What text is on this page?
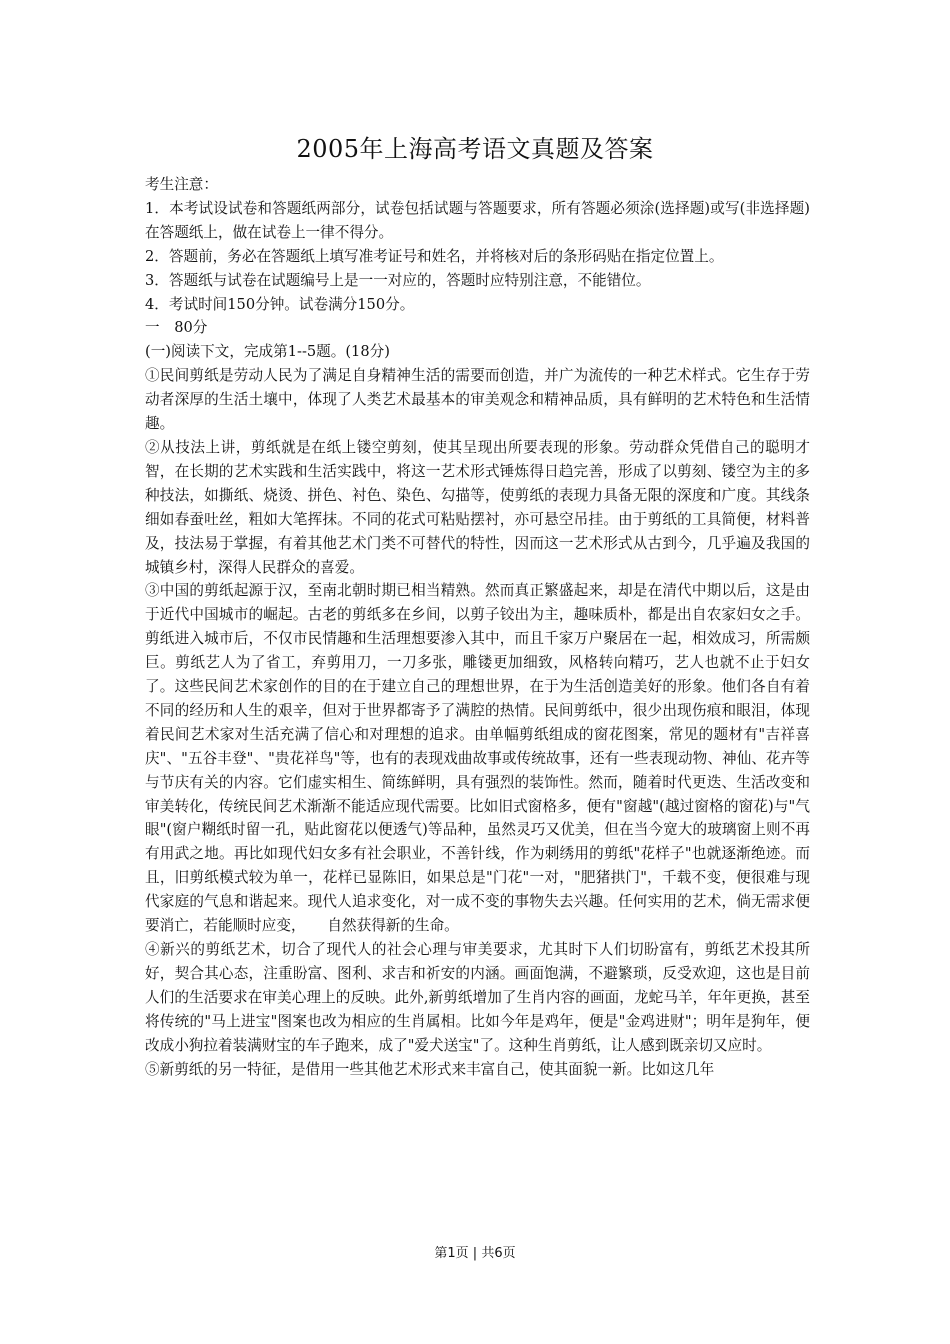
2005年上海高考语文真题及答案

考生注意：

1．本考试设试卷和答题纸两部分，试卷包括试题与答题要求，所有答题必须涂(选择题)或写(非选择题)在答题纸上，做在试卷上一律不得分。

2．答题前，务必在答题纸上填写准考证号和姓名，并将核对后的条形码贴在指定位置上。

3．答题纸与试卷在试题编号上是一一对应的，答题时应特别注意，不能错位。

4．考试时间150分钟。试卷满分150分。

一　80分

(一)阅读下文，完成第1--5题。(18分)

①民间剪纸是劳动人民为了满足自身精神生活的需要而创造，并广为流传的一种艺术样式。它生存于劳动者深厚的生活土壤中，体现了人类艺术最基本的审美观念和精神品质，具有鲜明的艺术特色和生活情趣。

②从技法上讲，剪纸就是在纸上镂空剪刻，使其呈现出所要表现的形象。劳动群众凭借自己的聪明才智，在长期的艺术实践和生活实践中，将这一艺术形式锤炼得日趋完善，形成了以剪刻、镂空为主的多种技法，如撕纸、烧烫、拼色、衬色、染色、勾描等，使剪纸的表现力具备无限的深度和广度。其线条细如春蚕吐丝，粗如大笔挥抹。不同的花式可粘贴摆衬，亦可悬空吊挂。由于剪纸的工具简便，材料普及，技法易于掌握，有着其他艺术门类不可替代的特性，因而这一艺术形式从古到今，几乎遍及我国的城镇乡村，深得人民群众的喜爱。

③中国的剪纸起源于汉，至南北朝时期已相当精熟。然而真正繁盛起来，却是在清代中期以后，这是由于近代中国城市的崛起。古老的剪纸多在乡间，以剪子铰出为主，趣味质朴，都是出自农家妇女之手。剪纸进入城市后，不仅市民情趣和生活理想要渗入其中，而且千家万户聚居在一起，相效成习，所需颇巨。剪纸艺人为了省工，弃剪用刀，一刀多张，雕镂更加细致，风格转向精巧，艺人也就不止于妇女了。这些民间艺术家创作的目的在于建立自己的理想世界，在于为生活创造美好的形象。他们各自有着不同的经历和人生的艰辛，但对于世界都寄予了满腔的热情。民间剪纸中，很少出现伤痕和眼泪，体现着民间艺术家对生活充满了信心和对理想的追求。由单幅剪纸组成的窗花图案，常见的题材有"吉祥喜庆"、"五谷丰登"、"贵花祥鸟"等，也有的表现戏曲故事或传统故事，还有一些表现动物、神仙、花卉等与节庆有关的内容。它们虚实相生、简练鲜明，具有强烈的装饰性。然而，随着时代更迭、生活改变和审美转化，传统民间艺术渐渐不能适应现代需要。比如旧式窗格多，便有"窗越"(越过窗格的窗花)与"气眼"(窗户糊纸时留一孔，贴此窗花以便透气)等品种，虽然灵巧又优美，但在当今宽大的玻璃窗上则不再有用武之地。再比如现代妇女多有社会职业，不善针线，作为刺绣用的剪纸"花样子"也就逐渐绝迹。而且，旧剪纸模式较为单一，花样已显陈旧，如果总是"门花"一对，"肥猪拱门"，千载不变，便很难与现代家庭的气息和谐起来。现代人追求变化，对一成不变的事物失去兴趣。任何实用的艺术，倘无需求便要消亡，若能顺时应变，　　自然获得新的生命。

④新兴的剪纸艺术，切合了现代人的社会心理与审美要求，尤其时下人们切盼富有，剪纸艺术投其所好，契合其心态，注重盼富、图利、求吉和祈安的内涵。画面饱满，不避繁琐，反受欢迎，这也是目前人们的生活要求在审美心理上的反映。此外,新剪纸增加了生肖内容的画面，龙蛇马羊，年年更换，甚至将传统的"马上进宝"图案也改为相应的生肖属相。比如今年是鸡年，便是"金鸡进财"；明年是狗年，便改成小狗拉着装满财宝的车子跑来，成了"爱犬送宝"了。这种生肖剪纸，让人感到既亲切又应时。

⑤新剪纸的另一特征，是借用一些其他艺术形式来丰富自己，使其面貌一新。比如这几年

第1页 | 共6页
